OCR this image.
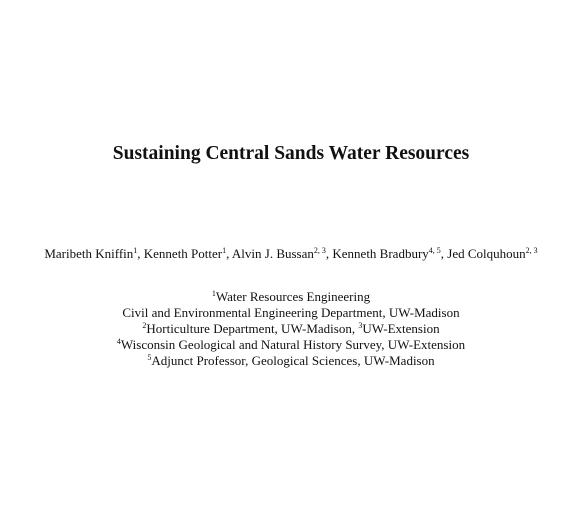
Sustaining Central Sands Water Resources
Maribeth Kniffin$^1$, Kenneth Potter$^1$, Alvin J. Bussan$^{2, 3}$, Kenneth Bradbury$^{4, 5}$, Jed Colquhoun$^{2, 3}$
$^1$Water Resources Engineering
Civil and Environmental Engineering Department, UW-Madison
$^2$Horticulture Department, UW-Madison, $^3$UW-Extension
$^4$Wisconsin Geological and Natural History Survey, UW-Extension
$^5$Adjunct Professor, Geological Sciences, UW-Madison
